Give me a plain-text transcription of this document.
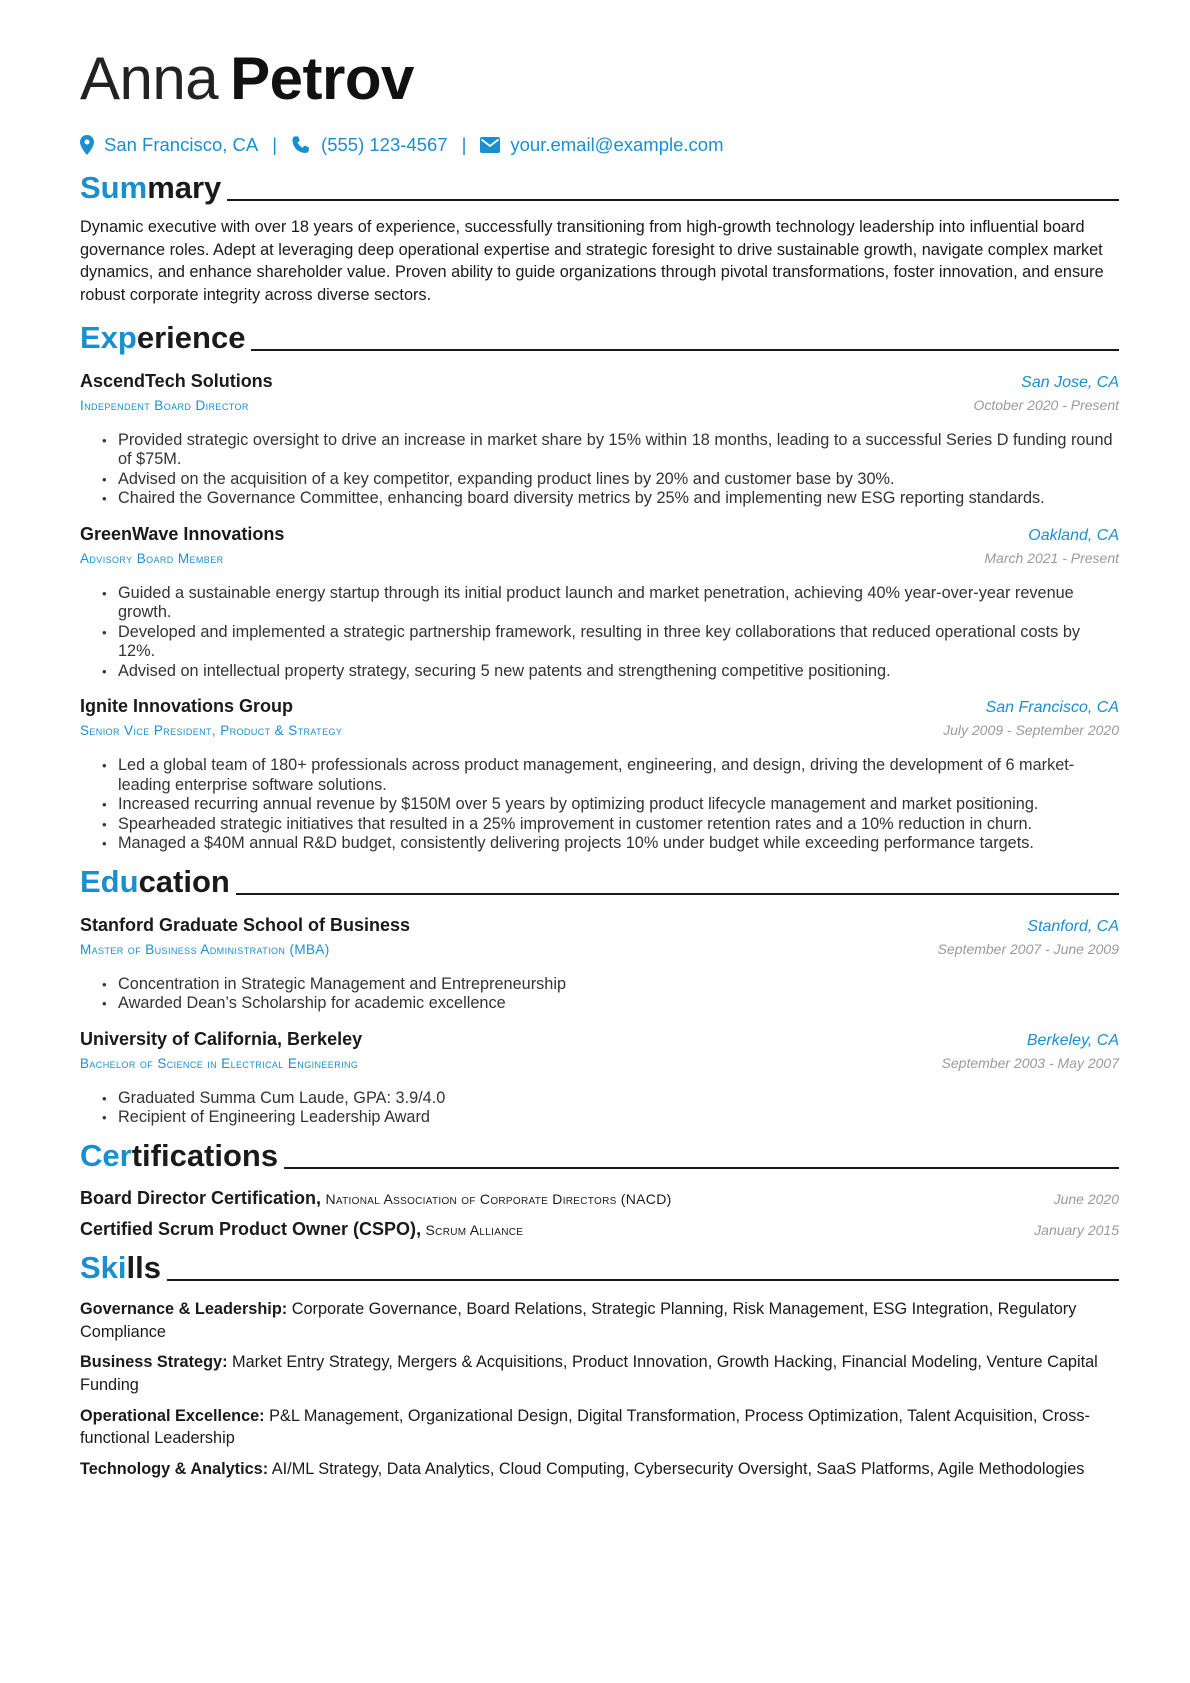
Anna Petrov
San Francisco, CA | (555) 123-4567 | your.email@example.com
Summary
Dynamic executive with over 18 years of experience, successfully transitioning from high-growth technology leadership into influential board governance roles. Adept at leveraging deep operational expertise and strategic foresight to drive sustainable growth, navigate complex market dynamics, and enhance shareholder value. Proven ability to guide organizations through pivotal transformations, foster innovation, and ensure robust corporate integrity across diverse sectors.
Experience
AscendTech Solutions	San Jose, CA
Independent Board Director	October 2020 - Present
• Provided strategic oversight to drive an increase in market share by 15% within 18 months, leading to a successful Series D funding round of $75M.
• Advised on the acquisition of a key competitor, expanding product lines by 20% and customer base by 30%.
• Chaired the Governance Committee, enhancing board diversity metrics by 25% and implementing new ESG reporting standards.
GreenWave Innovations	Oakland, CA
Advisory Board Member	March 2021 - Present
• Guided a sustainable energy startup through its initial product launch and market penetration, achieving 40% year-over-year revenue growth.
• Developed and implemented a strategic partnership framework, resulting in three key collaborations that reduced operational costs by 12%.
• Advised on intellectual property strategy, securing 5 new patents and strengthening competitive positioning.
Ignite Innovations Group	San Francisco, CA
Senior Vice President, Product & Strategy	July 2009 - September 2020
• Led a global team of 180+ professionals across product management, engineering, and design, driving the development of 6 market-leading enterprise software solutions.
• Increased recurring annual revenue by $150M over 5 years by optimizing product lifecycle management and market positioning.
• Spearheaded strategic initiatives that resulted in a 25% improvement in customer retention rates and a 10% reduction in churn.
• Managed a $40M annual R&D budget, consistently delivering projects 10% under budget while exceeding performance targets.
Education
Stanford Graduate School of Business	Stanford, CA
Master of Business Administration (MBA)	September 2007 - June 2009
• Concentration in Strategic Management and Entrepreneurship
• Awarded Dean’s Scholarship for academic excellence
University of California, Berkeley	Berkeley, CA
Bachelor of Science in Electrical Engineering	September 2003 - May 2007
• Graduated Summa Cum Laude, GPA: 3.9/4.0
• Recipient of Engineering Leadership Award
Certifications
Board Director Certification, National Association of Corporate Directors (NACD)	June 2020
Certified Scrum Product Owner (CSPO), Scrum Alliance	January 2015
Skills
Governance & Leadership: Corporate Governance, Board Relations, Strategic Planning, Risk Management, ESG Integration, Regulatory Compliance
Business Strategy: Market Entry Strategy, Mergers & Acquisitions, Product Innovation, Growth Hacking, Financial Modeling, Venture Capital Funding
Operational Excellence: P&L Management, Organizational Design, Digital Transformation, Process Optimization, Talent Acquisition, Cross-functional Leadership
Technology & Analytics: AI/ML Strategy, Data Analytics, Cloud Computing, Cybersecurity Oversight, SaaS Platforms, Agile Methodologies
